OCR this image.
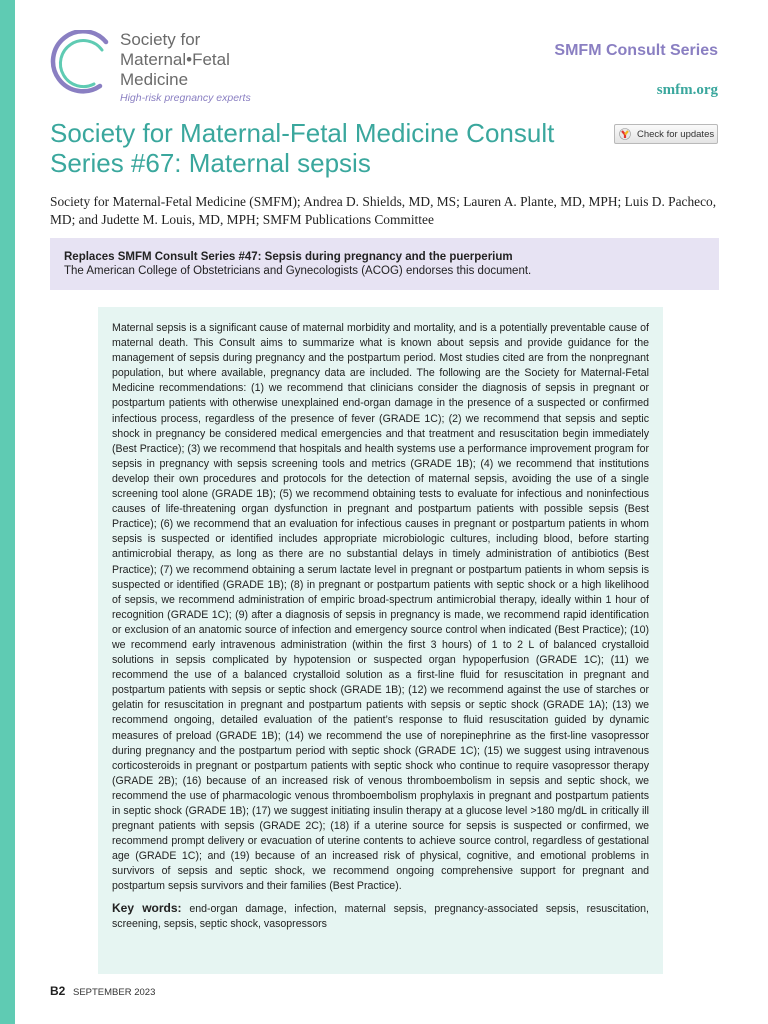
Society for
Maternal•Fetal
Medicine
High-risk pregnancy experts
SMFM Consult Series
smfm.org
Check for updates
Society for Maternal-Fetal Medicine Consult Series #67: Maternal sepsis
Society for Maternal-Fetal Medicine (SMFM); Andrea D. Shields, MD, MS; Lauren A. Plante, MD, MPH; Luis D. Pacheco, MD; and Judette M. Louis, MD, MPH; SMFM Publications Committee
Replaces SMFM Consult Series #47: Sepsis during pregnancy and the puerperium
The American College of Obstetricians and Gynecologists (ACOG) endorses this document.

Maternal sepsis is a significant cause of maternal morbidity and mortality, and is a potentially preventable cause of maternal death. This Consult aims to summarize what is known about sepsis and provide guidance for the management of sepsis during pregnancy and the postpartum period. Most studies cited are from the nonpregnant population, but where available, pregnancy data are included. The following are the Society for Maternal-Fetal Medicine recommendations: (1) we recommend that clinicians consider the diagnosis of sepsis in pregnant or postpartum patients with otherwise unexplained end-organ damage in the presence of a suspected or confirmed infectious process, regardless of the presence of fever (GRADE 1C); (2) we recommend that sepsis and septic shock in pregnancy be considered medical emergencies and that treatment and resuscitation begin immediately (Best Practice); (3) we recommend that hospitals and health systems use a performance improvement program for sepsis in pregnancy with sepsis screening tools and metrics (GRADE 1B); (4) we recommend that institutions develop their own procedures and protocols for the detection of maternal sepsis, avoiding the use of a single screening tool alone (GRADE 1B); (5) we recommend obtaining tests to evaluate for infectious and noninfectious causes of life-threatening organ dysfunction in pregnant and postpartum patients with possible sepsis (Best Practice); (6) we recommend that an evaluation for infectious causes in pregnant or postpartum patients in whom sepsis is suspected or identified includes appropriate microbiologic cultures, including blood, before starting antimicrobial therapy, as long as there are no substantial delays in timely administration of antibiotics (Best Practice); (7) we recommend obtaining a serum lactate level in pregnant or postpartum patients in whom sepsis is suspected or identified (GRADE 1B); (8) in pregnant or postpartum patients with septic shock or a high likelihood of sepsis, we recommend administration of empiric broad-spectrum antimicrobial therapy, ideally within 1 hour of recognition (GRADE 1C); (9) after a diagnosis of sepsis in pregnancy is made, we recommend rapid identification or exclusion of an anatomic source of infection and emergency source control when indicated (Best Practice); (10) we recommend early intravenous administration (within the first 3 hours) of 1 to 2 L of balanced crystalloid solutions in sepsis complicated by hypotension or suspected organ hypoperfusion (GRADE 1C); (11) we recommend the use of a balanced crystalloid solution as a first-line fluid for resuscitation in pregnant and postpartum patients with sepsis or septic shock (GRADE 1B); (12) we recommend against the use of starches or gelatin for resuscitation in pregnant and postpartum patients with sepsis or septic shock (GRADE 1A); (13) we recommend ongoing, detailed evaluation of the patient’s response to fluid resuscitation guided by dynamic measures of preload (GRADE 1B); (14) we recommend the use of norepinephrine as the first-line vasopressor during pregnancy and the postpartum period with septic shock (GRADE 1C); (15) we suggest using intravenous corticosteroids in pregnant or postpartum patients with septic shock who continue to require vasopressor therapy (GRADE 2B); (16) because of an increased risk of venous thromboembolism in sepsis and septic shock, we recommend the use of pharmacologic venous thromboembolism prophylaxis in pregnant and postpartum patients in septic shock (GRADE 1B); (17) we suggest initiating insulin therapy at a glucose level >180 mg/dL in critically ill pregnant patients with sepsis (GRADE 2C); (18) if a uterine source for sepsis is suspected or confirmed, we recommend prompt delivery or evacuation of uterine contents to achieve source control, regardless of gestational age (GRADE 1C); and (19) because of an increased risk of physical, cognitive, and emotional problems in survivors of sepsis and septic shock, we recommend ongoing comprehensive support for pregnant and postpartum sepsis survivors and their families (Best Practice).

Key words: end-organ damage, infection, maternal sepsis, pregnancy-associated sepsis, resuscitation, screening, sepsis, septic shock, vasopressors
B2 SEPTEMBER 2023
